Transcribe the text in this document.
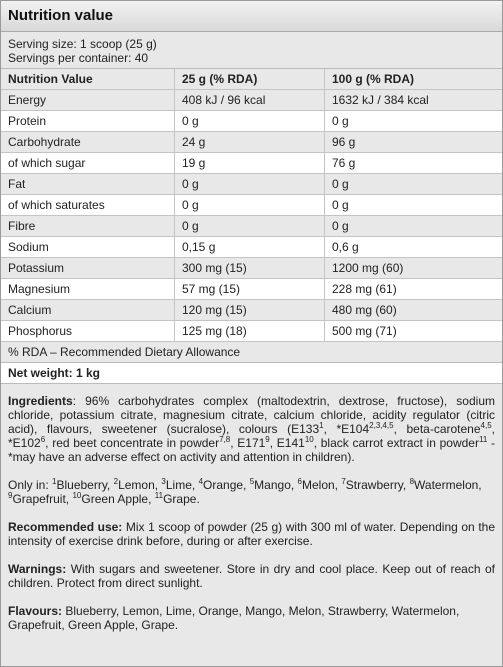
Nutrition value
Serving size: 1 scoop (25 g)
Servings per container: 40
Nutrition Value	25 g (% RDA)	100 g (% RDA)
Energy	408 kJ / 96 kcal	1632 kJ / 384 kcal
Protein	0 g	0 g
Carbohydrate	24 g	96 g
of which sugar	19 g	76 g
Fat	0 g	0 g
of which saturates	0 g	0 g
Fibre	0 g	0 g
Sodium	0,15 g	0,6 g
Potassium	300 mg (15)	1200 mg (60)
Magnesium	57 mg (15)	228 mg (61)
Calcium	120 mg (15)	480 mg (60)
Phosphorus	125 mg (18)	500 mg (71)
% RDA – Recommended Dietary Allowance
Net weight: 1 kg

Ingredients: 96% carbohydrates complex (maltodextrin, dextrose, fructose), sodium chloride, potassium citrate, magnesium citrate, calcium chloride, acidity regulator (citric acid), flavours, sweetener (sucralose), colours ($E133^1$, *E104$^{2,3,4,5}$, beta-carotene$^{4,5}$, $*E102^6$, red beet concentrate in powder$^{7,8}$, $E171^9$, $E141^{10}$, black carrot extract in powder$^{11}$ - *may have an adverse effect on activity and attention in children).

Only in: $^1$Blueberry, $^2$Lemon, $^3$Lime, $^4$Orange, $^5$Mango, $^6$Melon, $^7$Strawberry, $^8$Watermelon, $^9$Grapefruit, $^{10}$Green Apple, $^{11}$Grape.

Recommended use: Mix 1 scoop of powder (25 g) with 300 ml of water. Depending on the intensity of exercise drink before, during or after exercise.

Warnings: With sugars and sweetener. Store in dry and cool place. Keep out of reach of children. Protect from direct sunlight.

Flavours: Blueberry, Lemon, Lime, Orange, Mango, Melon, Strawberry, Watermelon, Grapefruit, Green Apple, Grape.
